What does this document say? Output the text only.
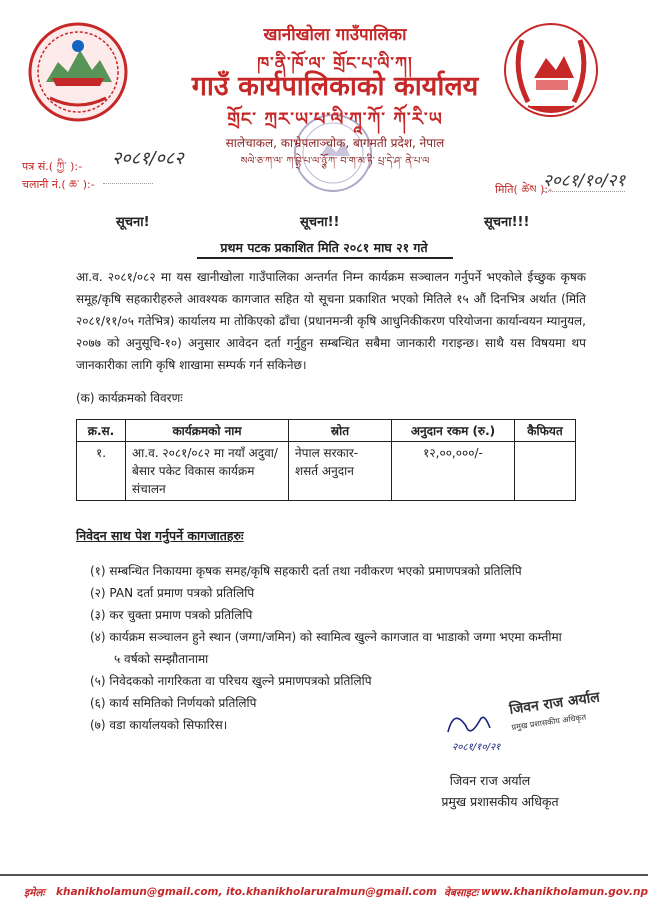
खानीखोला गाउँपालिका
ཁ་ནི་ཁོ་ལ་ གྲོང་པ་ལི་ཀ།
गाउँ कार्यपालिकाको कार्यालय
གྲོང་ ཀྲར་ཡ་པ་ལི་ཀཱ་ཀོ་ ཀོ་རི་ཡ
सालेचाकल, काभ्रेपलाञ्चोक, बागमती प्रदेश, नेपाल
སལེ་ཅ་ཀ་ལ་ ཀ་བྷྲེ་པ་ལ་ཉྩོ་ཀ་ བ་ག་མ་ཏི་ པྲ་དེ་ཤ་ ནེ་པ་ལ
पत्र सं.( ཀྱི་ ):- २०८१/०८२
चलानी नं.( ཆ་ ):-	मिति( ཚེས ):-
२०८१/१०/२१
सूचना!	सूचना!!	सूचना!!!
प्रथम पटक प्रकाशित मिति २०८१ माघ २१ गते
आ.व. २०८१/०८२ मा यस खानीखोला गाउँपालिका अन्तर्गत निम्न कार्यक्रम सञ्चालन गर्नुपर्ने भएकोले ईच्छुक कृषक समूह/कृषि सहकारीहरुले आवश्यक कागजात सहित यो सूचना प्रकाशित भएको मितिले १५ औं दिनभित्र अर्थात (मिति २०८१/११/०५ गतेभित्र) कार्यालय मा तोकिएको ढाँचा (प्रधानमन्त्री कृषि आधुनिकीकरण परियोजना कार्यान्वयन म्यानुयल, २०७७ को अनुसूचि-१०) अनुसार आवेदन दर्ता गर्नुहुन सम्बन्धित सबैमा जानकारी गराइन्छ। साथै यस विषयमा थप जानकारीका लागि कृषि शाखामा सम्पर्क गर्न सकिनेछ।
(क) कार्यक्रमको विवरणः
क्र.स.	कार्यक्रमको नाम	स्रोत	अनुदान रकम (रु.)	कैफियत
१.	आ.व. २०८१/०८२ मा नयाँ अदुवा/बेसार पकेट विकास कार्यक्रम संचालन	नेपाल सरकार- शसर्त अनुदान	१२,००,०००/-	
निवेदन साथ पेश गर्नुपर्ने कागजातहरुः
(१) सम्बन्धित निकायमा कृषक समह/कृषि सहकारी दर्ता तथा नवीकरण भएको प्रमाणपत्रको प्रतिलिपि
(२) PAN दर्ता प्रमाण पत्रको प्रतिलिपि
(३) कर चुक्ता प्रमाण पत्रको प्रतिलिपि
(४) कार्यक्रम सञ्चालन हुने स्थान (जग्गा/जमिन) को स्वामित्व खुल्ने कागजात वा भाडाको जग्गा भएमा कम्तीमा ५ वर्षको सम्झौतानामा
(५) निवेदकको नागरिकता वा परिचय खुल्ने प्रमाणपत्रको प्रतिलिपि
(६) कार्य समितिको निर्णयको प्रतिलिपि
(७) वडा कार्यालयको सिफारिस।
२०८१/१०/२१
जिवन राज अर्याल
प्रमुख प्रशासकीय अधिकृत
जिवन राज अर्याल
प्रमुख प्रशासकीय अधिकृत
इमेलः khanikholamun@gmail.com, ito.khanikholaruralmun@gmail.com वेबसाइटः www.khanikholamun.gov.np
